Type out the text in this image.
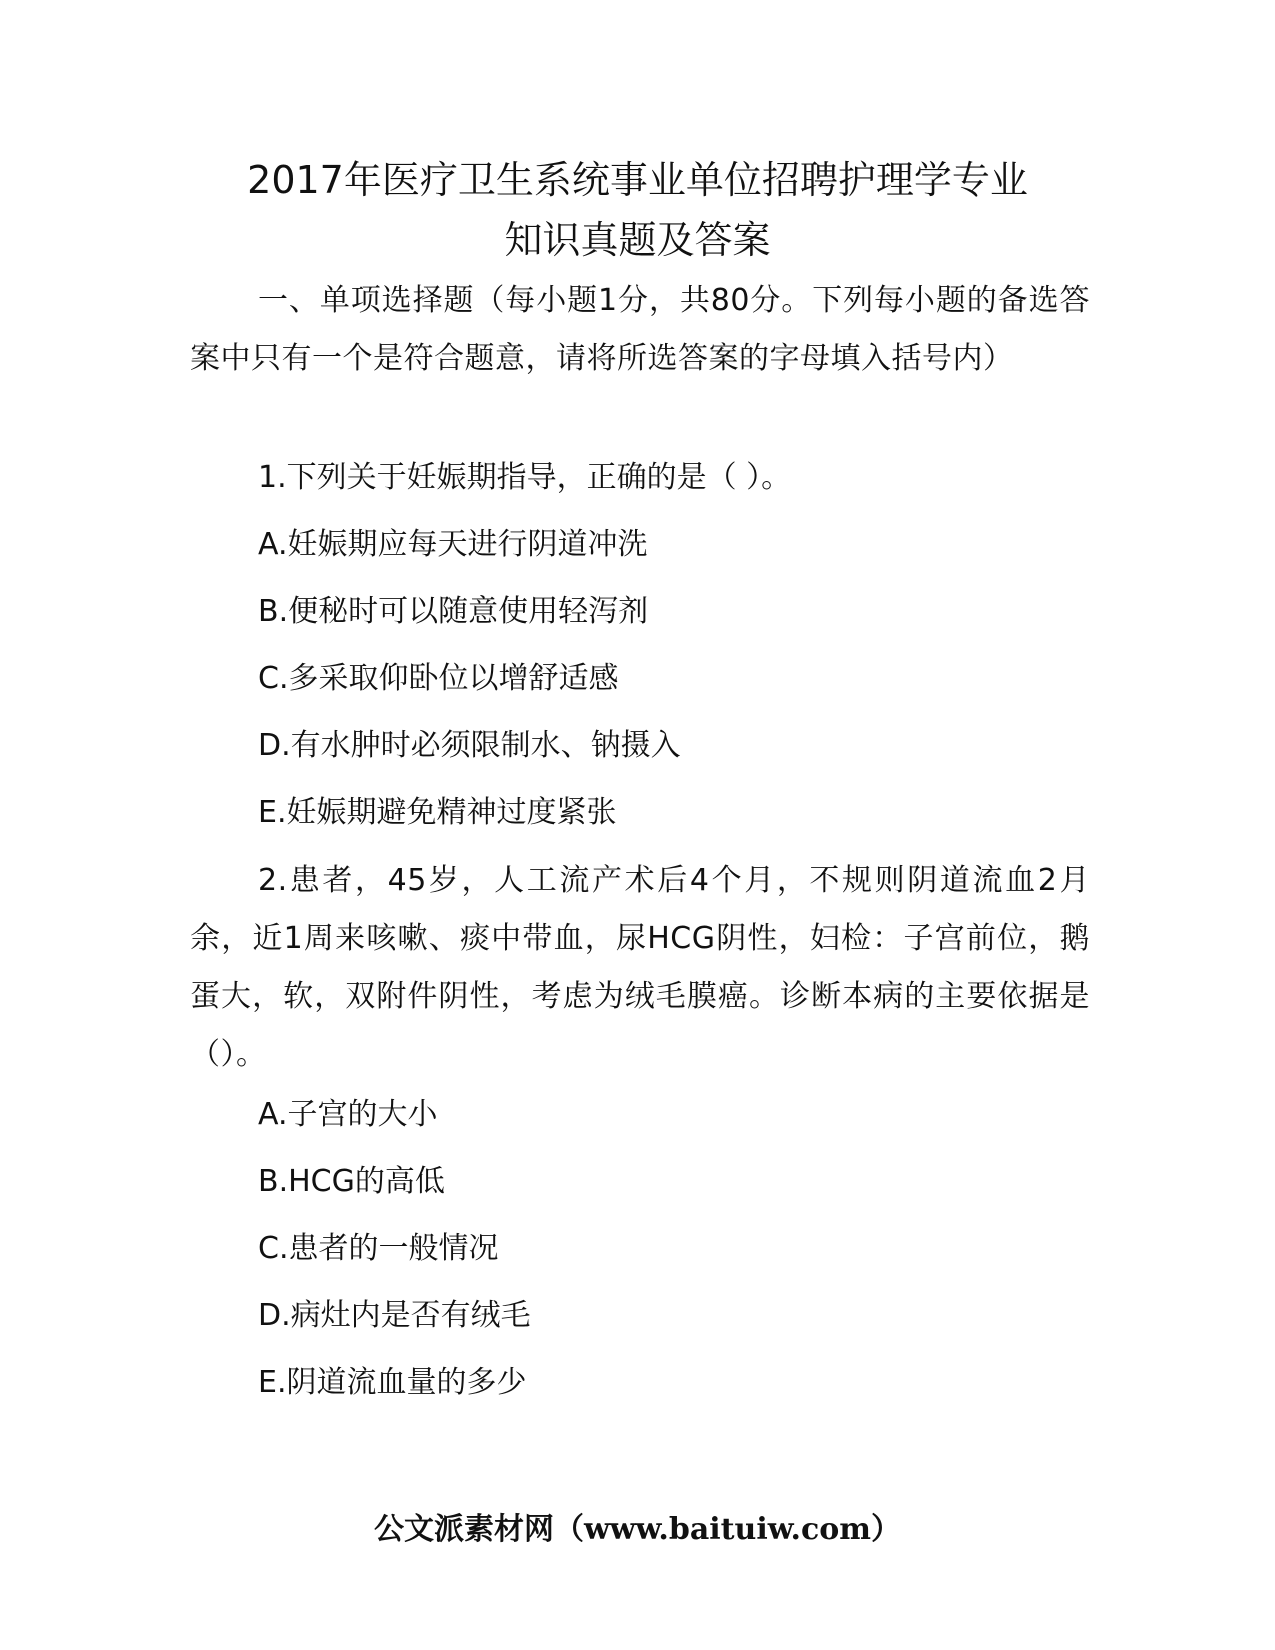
2017年医疗卫生系统事业单位招聘护理学专业
知识真题及答案

一、单项选择题（每小题1分，共80分。下列每小题的备选答案中只有一个是符合题意，请将所选答案的字母填入括号内）

1.下列关于妊娠期指导，正确的是（ ）。

A.妊娠期应每天进行阴道冲洗

B.便秘时可以随意使用轻泻剂

C.多采取仰卧位以增舒适感

D.有水肿时必须限制水、钠摄入

E.妊娠期避免精神过度紧张

2.患者，45岁，人工流产术后4个月，不规则阴道流血2月余，近1周来咳嗽、痰中带血，尿HCG阴性，妇检：子宫前位，鹅蛋大，软，双附件阴性，考虑为绒毛膜癌。诊断本病的主要依据是（）。

A.子宫的大小

B.HCG的高低

C.患者的一般情况

D.病灶内是否有绒毛

E.阴道流血量的多少

公文派素材网（www.baituiw.com）
